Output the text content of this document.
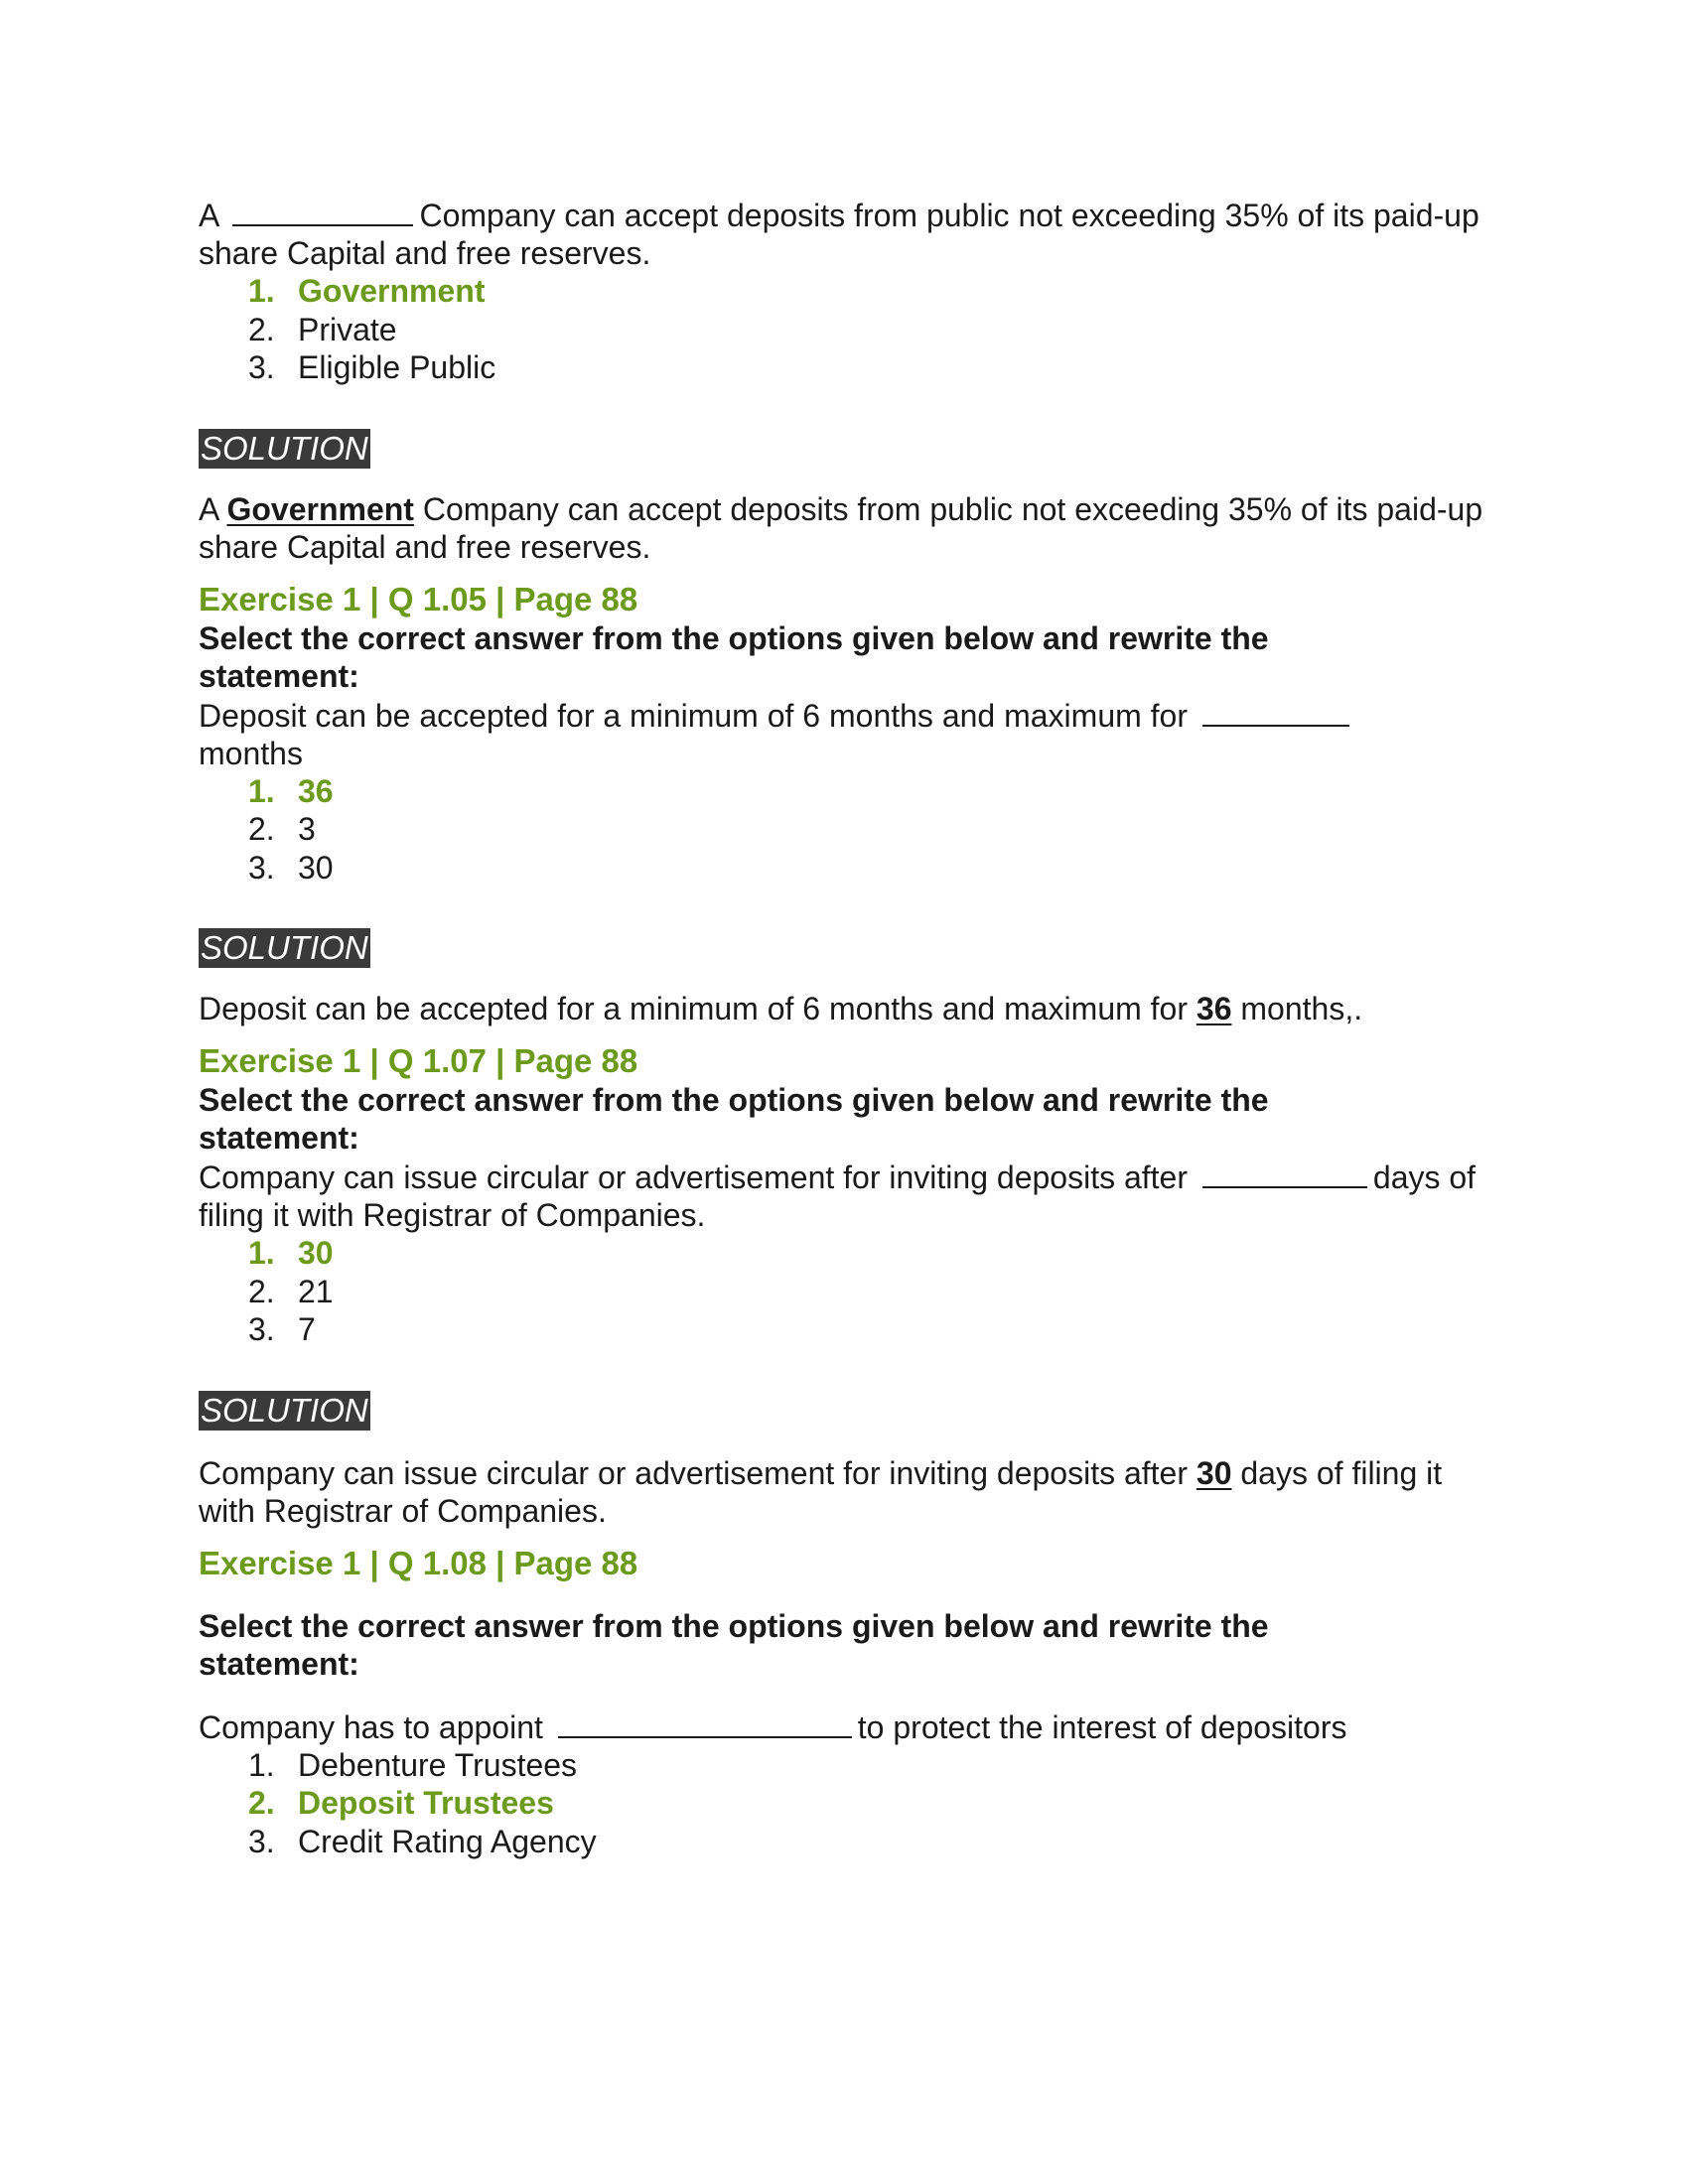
A	Company can accept deposits from public not exceeding 35% of its paid-up share Capital and free reserves.

1. Government
2. Private
3. Eligible Public
SOLUTION

A Government Company can accept deposits from public not exceeding 35% of its paid-up share Capital and free reserves.

Exercise 1 | Q 1.05 | Page 88

Select the correct answer from the options given below and rewrite the statement:

Deposit can be accepted for a minimum of 6 months and maximum for
months

1. 36
2. 3
3. 30
SOLUTION

Deposit can be accepted for a minimum of 6 months and maximum for 36 months,.

Exercise 1 | Q 1.07 | Page 88

Select the correct answer from the options given below and rewrite the statement:

Company can issue circular or advertisement for inviting deposits after	days of filing it with Registrar of Companies.

1. 30
2. 21
3. 7
SOLUTION

Company can issue circular or advertisement for inviting deposits after 30 days of filing it with Registrar of Companies.

Exercise 1 | Q 1.08 | Page 88

Select the correct answer from the options given below and rewrite the statement:

Company has to appoint	to protect the interest of depositors

1. Debenture Trustees
2. Deposit Trustees
3. Credit Rating Agency
